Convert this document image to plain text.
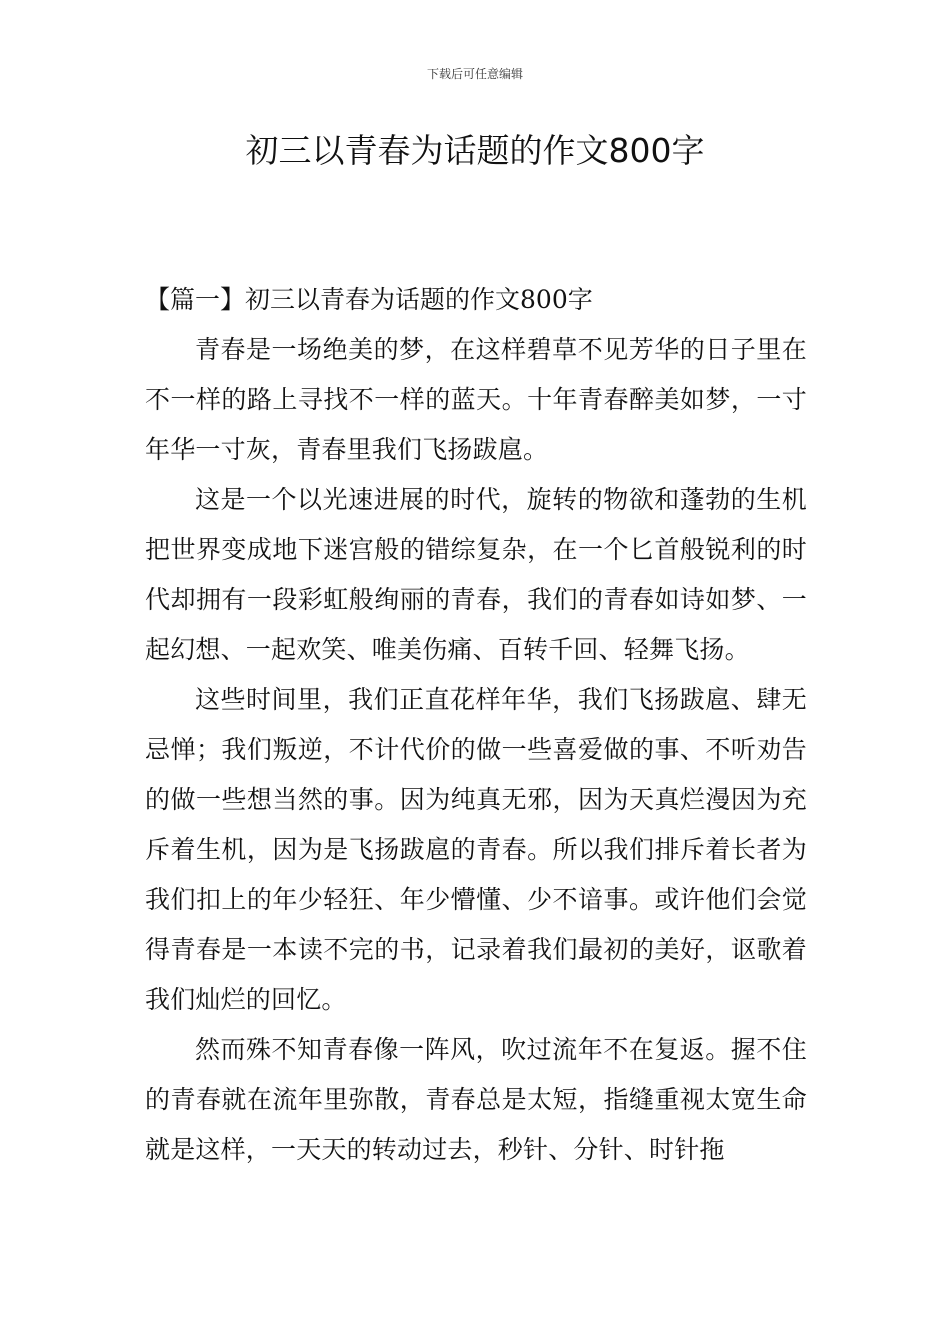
下载后可任意编辑
初三以青春为话题的作文800字

【篇一】初三以青春为话题的作文800字

青春是一场绝美的梦，在这样碧草不见芳华的日子里在不一样的路上寻找不一样的蓝天。十年青春醉美如梦，一寸年华一寸灰，青春里我们飞扬跋扈。

这是一个以光速进展的时代，旋转的物欲和蓬勃的生机把世界变成地下迷宫般的错综复杂，在一个匕首般锐利的时代却拥有一段彩虹般绚丽的青春，我们的青春如诗如梦、一起幻想、一起欢笑、唯美伤痛、百转千回、轻舞飞扬。

这些时间里，我们正直花样年华，我们飞扬跋扈、肆无忌惮；我们叛逆，不计代价的做一些喜爱做的事、不听劝告的做一些想当然的事。因为纯真无邪，因为天真烂漫因为充斥着生机，因为是飞扬跋扈的青春。所以我们排斥着长者为我们扣上的年少轻狂、年少懵懂、少不谙事。或许他们会觉得青春是一本读不完的书，记录着我们最初的美好，讴歌着我们灿烂的回忆。

然而殊不知青春像一阵风，吹过流年不在复返。握不住的青春就在流年里弥散，青春总是太短，指缝重视太宽生命就是这样，一天天的转动过去，秒针、分针、时针拖
